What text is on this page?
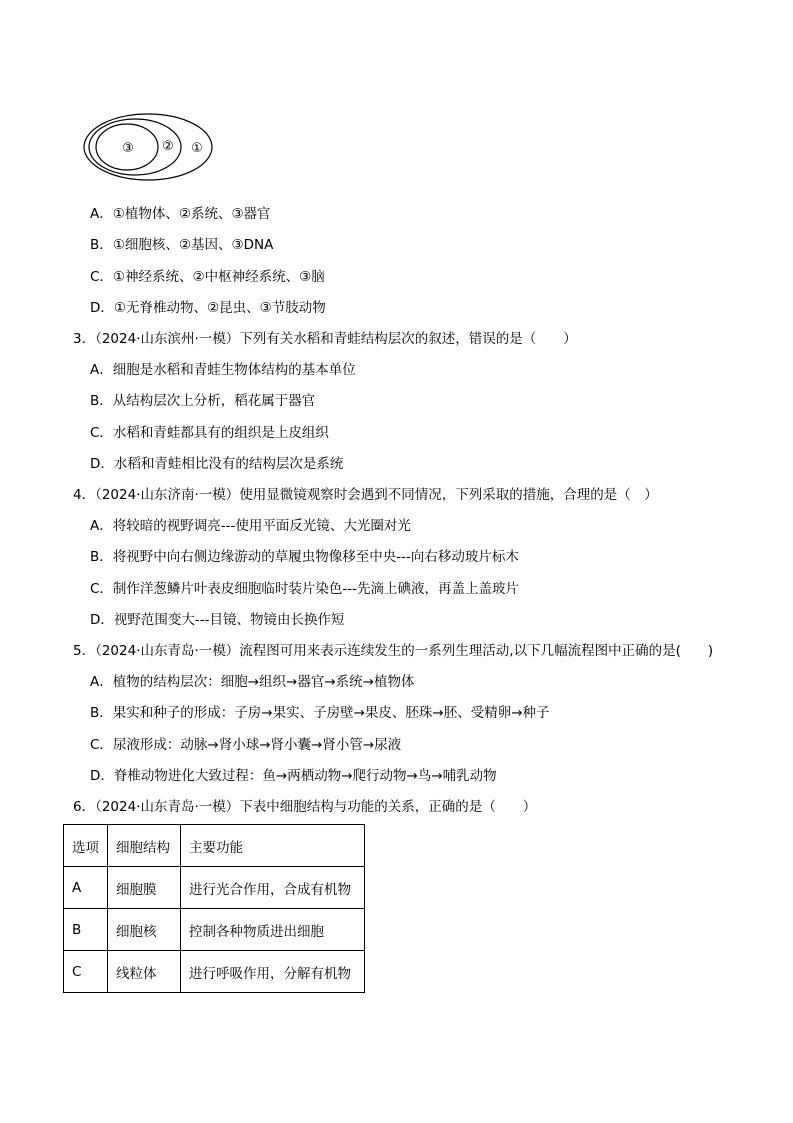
③ ② ①
A．①植物体、②系统、③器官
B．①细胞核、②基因、③DNA
C．①神经系统、②中枢神经系统、③脑
D．①无脊椎动物、②昆虫、③节肢动物
3．（2024·山东滨州·一模）下列有关水稻和青蛙结构层次的叙述，错误的是（　　）
A．细胞是水稻和青蛙生物体结构的基本单位
B．从结构层次上分析，稻花属于器官
C．水稻和青蛙都具有的组织是上皮组织
D．水稻和青蛙相比没有的结构层次是系统
4．（2024·山东济南·一模）使用显微镜观察时会遇到不同情况，下列采取的措施，合理的是（　）
A．将较暗的视野调亮---使用平面反光镜、大光圈对光
B．将视野中向右侧边缘游动的草履虫物像移至中央---向右移动玻片标木
C．制作洋葱鳞片叶表皮细胞临时装片染色---先滴上碘液，再盖上盖玻片
D．视野范围变大---目镜、物镜由长换作短
5．（2024·山东青岛·一模）流程图可用来表示连续发生的一系列生理活动,以下几幅流程图中正确的是(　　)
A．植物的结构层次：细胞→组织→器官→系统→植物体
B．果实和种子的形成：子房→果实、子房壁→果皮、胚珠→胚、受精卵→种子
C．尿液形成：动脉→肾小球→肾小囊→肾小管→尿液
D．脊椎动物进化大致过程：鱼→两栖动物→爬行动物→鸟→哺乳动物
6．（2024·山东青岛·一模）下表中细胞结构与功能的关系，正确的是（　　）
选项	细胞结构	主要功能
A	细胞膜	进行光合作用，合成有机物
B	细胞核	控制各种物质进出细胞
C	线粒体	进行呼吸作用，分解有机物
